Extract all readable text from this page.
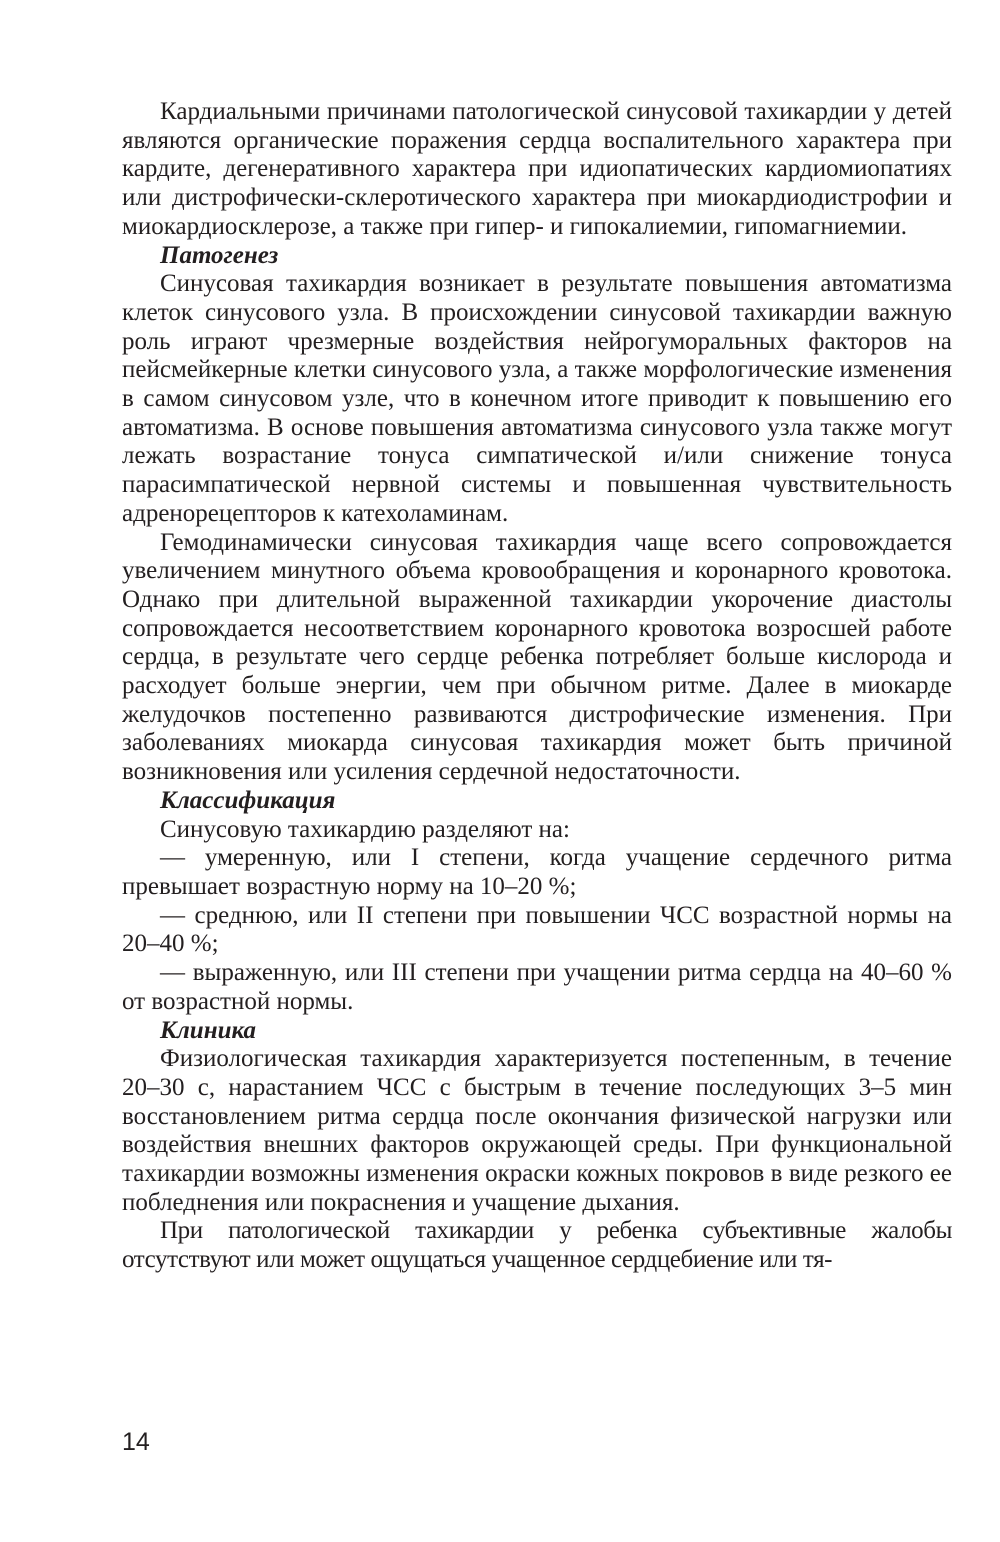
Кардиальными причинами патологической синусовой тахикардии у детей являются органические поражения сердца воспалительного характера при кардите, дегенеративного характера при идиопатических кардиомиопатиях или дистрофически-склеротического характера при миокардиодистрофии и миокардиосклерозе, а также при гипер- и гипокалиемии, гипомагниемии.

Патогенез

Синусовая тахикардия возникает в результате повышения автоматизма клеток синусового узла. В происхождении синусовой тахикардии важную роль играют чрезмерные воздействия нейрогуморальных факторов на пейсмейкерные клетки синусового узла, а также морфологические изменения в самом синусовом узле, что в конечном итоге приводит к повышению его автоматизма. В основе повышения автоматизма синусового узла также могут лежать возрастание тонуса симпатической и/или снижение тонуса парасимпатической нервной системы и повышенная чувствительность адренорецепторов к катехоламинам.

Гемодинамически синусовая тахикардия чаще всего сопровождается увеличением минутного объема кровообращения и коронарного кровотока. Однако при длительной выраженной тахикардии укорочение диастолы сопровождается несоответствием коронарного кровотока возросшей работе сердца, в результате чего сердце ребенка потребляет больше кислорода и расходует больше энергии, чем при обычном ритме. Далее в миокарде желудочков постепенно развиваются дистрофические изменения. При заболеваниях миокарда синусовая тахикардия может быть причиной возникновения или усиления сердечной недостаточности.

Классификация

Синусовую тахикардию разделяют на:

— умеренную, или I степени, когда учащение сердечного ритма превышает возрастную норму на 10–20 %;

— среднюю, или II степени при повышении ЧСС возрастной нормы на 20–40 %;

— выраженную, или III степени при учащении ритма сердца на 40–60 % от возрастной нормы.

Клиника

Физиологическая тахикардия характеризуется постепенным, в течение 20–30 с, нарастанием ЧСС с быстрым в течение последующих 3–5 мин восстановлением ритма сердца после окончания физической нагрузки или воздействия внешних факторов окружающей среды. При функциональной тахикардии возможны изменения окраски кожных покровов в виде резкого ее побледнения или покраснения и учащение дыхания.

При патологической тахикардии у ребенка субъективные жалобы отсутствуют или может ощущаться учащенное сердцебиение или тя-

14
